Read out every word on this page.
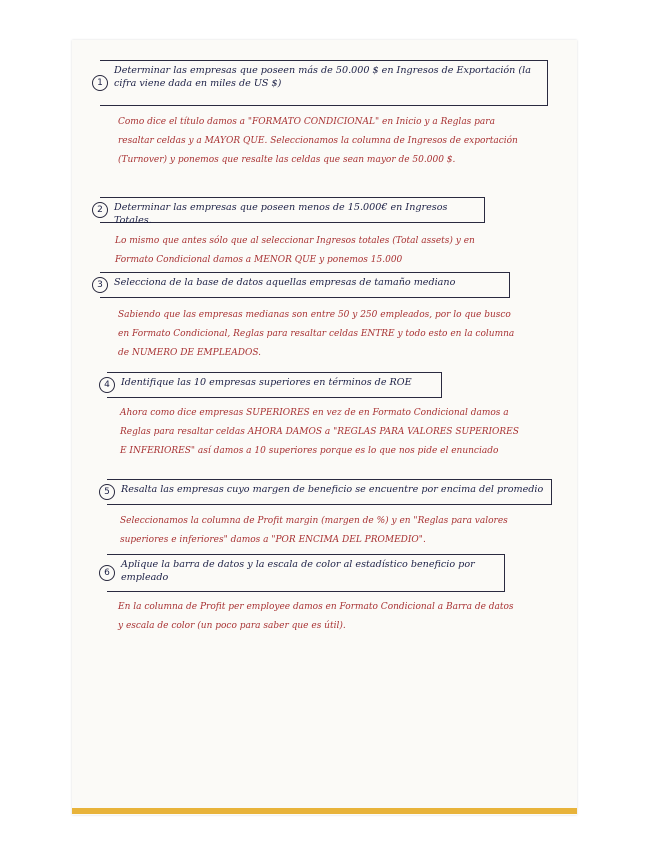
1
Determinar las empresas que poseen más de 50.000 $ en Ingresos de Exportación (la cifra viene dada en miles de US $)
Como dice el título damos a "FORMATO CONDICIONAL" en Inicio y a Reglas para resaltar celdas y a MAYOR QUE. Seleccionamos la columna de Ingresos de exportación (Turnover) y ponemos que resalte las celdas que sean mayor de 50.000 $.
2	Determinar las empresas que poseen menos de 15.000€ en Ingresos Totales.
Lo mismo que antes sólo que al seleccionar Ingresos totales (Total assets) y en Formato Condicional damos a MENOR QUE y ponemos 15.000
3	Selecciona de la base de datos aquellas empresas de tamaño mediano
Sabiendo que las empresas medianas son entre 50 y 250 empleados, por lo que busco en Formato Condicional, Reglas para resaltar celdas ENTRE y todo esto en la columna de NUMERO DE EMPLEADOS.
4	Identifique las 10 empresas superiores en términos de ROE
Ahora como dice empresas SUPERIORES en vez de en Formato Condicional damos a Reglas para resaltar celdas AHORA DAMOS a "REGLAS PARA VALORES SUPERIORES E INFERIORES" así damos a 10 superiores porque es lo que nos pide el enunciado
5	Resalta las empresas cuyo margen de beneficio se encuentre por encima del promedio
Seleccionamos la columna de Profit margin (margen de %) y en "Reglas para valores superiores e inferiores" damos a "POR ENCIMA DEL PROMEDIO".
6
Aplique la barra de datos y la escala de color al estadístico beneficio por empleado
En la columna de Profit per employee damos en Formato Condicional a Barra de datos y escala de color (un poco para saber que es útil).
